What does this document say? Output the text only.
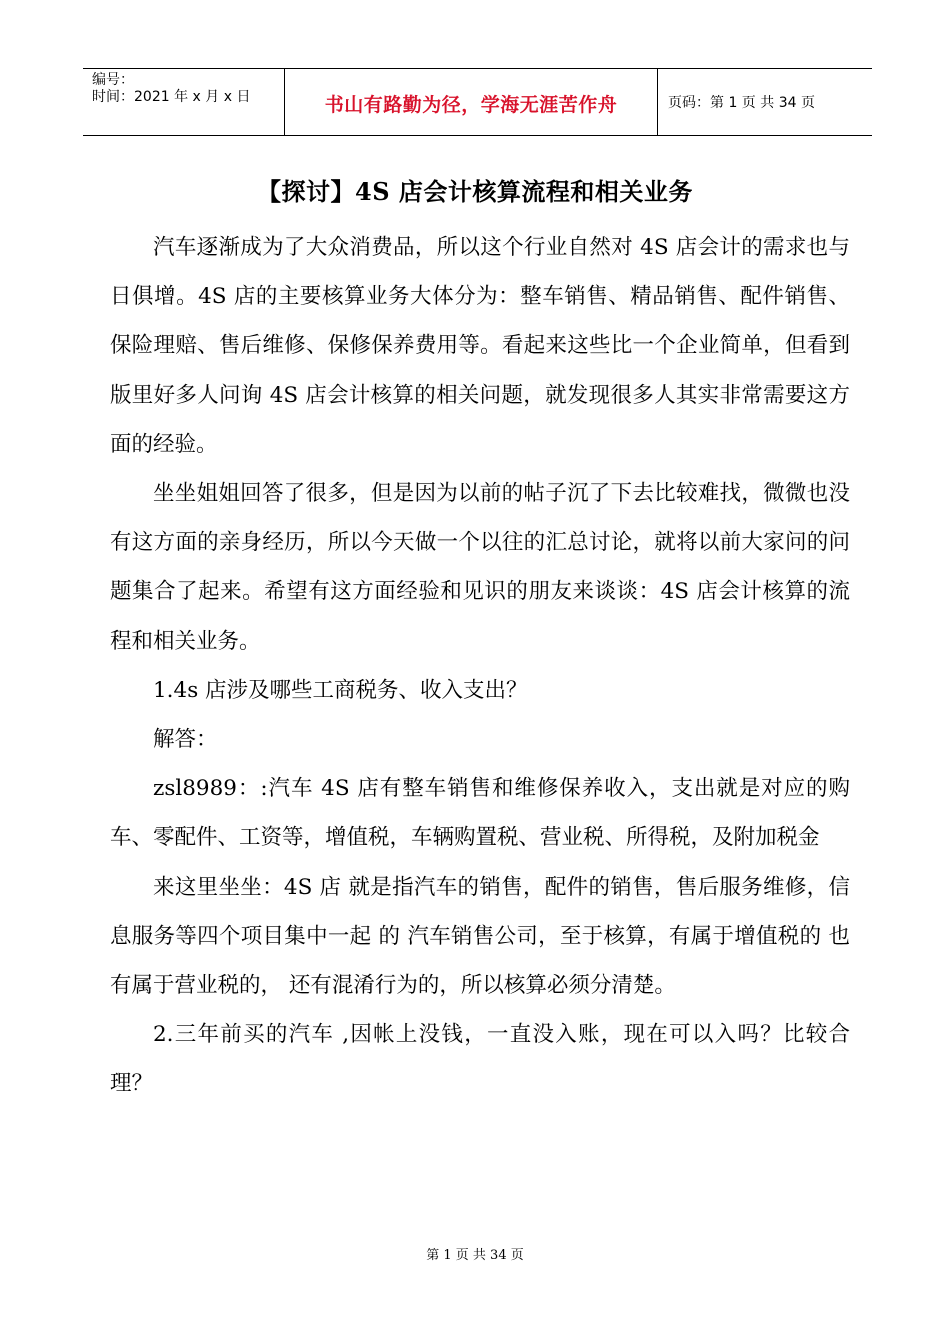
编号：
时间：2021 年 x 月 x 日	书山有路勤为径，学海无涯苦作舟	页码：第 1 页 共 34 页
【探讨】4S 店会计核算流程和相关业务

汽车逐渐成为了大众消费品，所以这个行业自然对 4S 店会计的需求也与日俱增。4S 店的主要核算业务大体分为：整车销售、精品销售、配件销售、保险理赔、售后维修、保修保养费用等。看起来这些比一个企业简单，但看到版里好多人问询 4S 店会计核算的相关问题，就发现很多人其实非常需要这方面的经验。

坐坐姐姐回答了很多，但是因为以前的帖子沉了下去比较难找，微微也没有这方面的亲身经历，所以今天做一个以往的汇总讨论，就将以前大家问的问题集合了起来。希望有这方面经验和见识的朋友来谈谈：4S 店会计核算的流程和相关业务。

1.4s 店涉及哪些工商税务、收入支出？

解答：

zsl8989：:汽车 4S 店有整车销售和维修保养收入，支出就是对应的购车、零配件、工资等，增值税，车辆购置税、营业税、所得税，及附加税金

来这里坐坐：4S 店 就是指汽车的销售，配件的销售，售后服务维修，信息服务等四个项目集中一起 的 汽车销售公司，至于核算，有属于增值税的 也有属于营业税的， 还有混淆行为的，所以核算必须分清楚。

2.三年前买的汽车 ,因帐上没钱，一直没入账，现在可以入吗？比较合理？

第 1 页 共 34 页
